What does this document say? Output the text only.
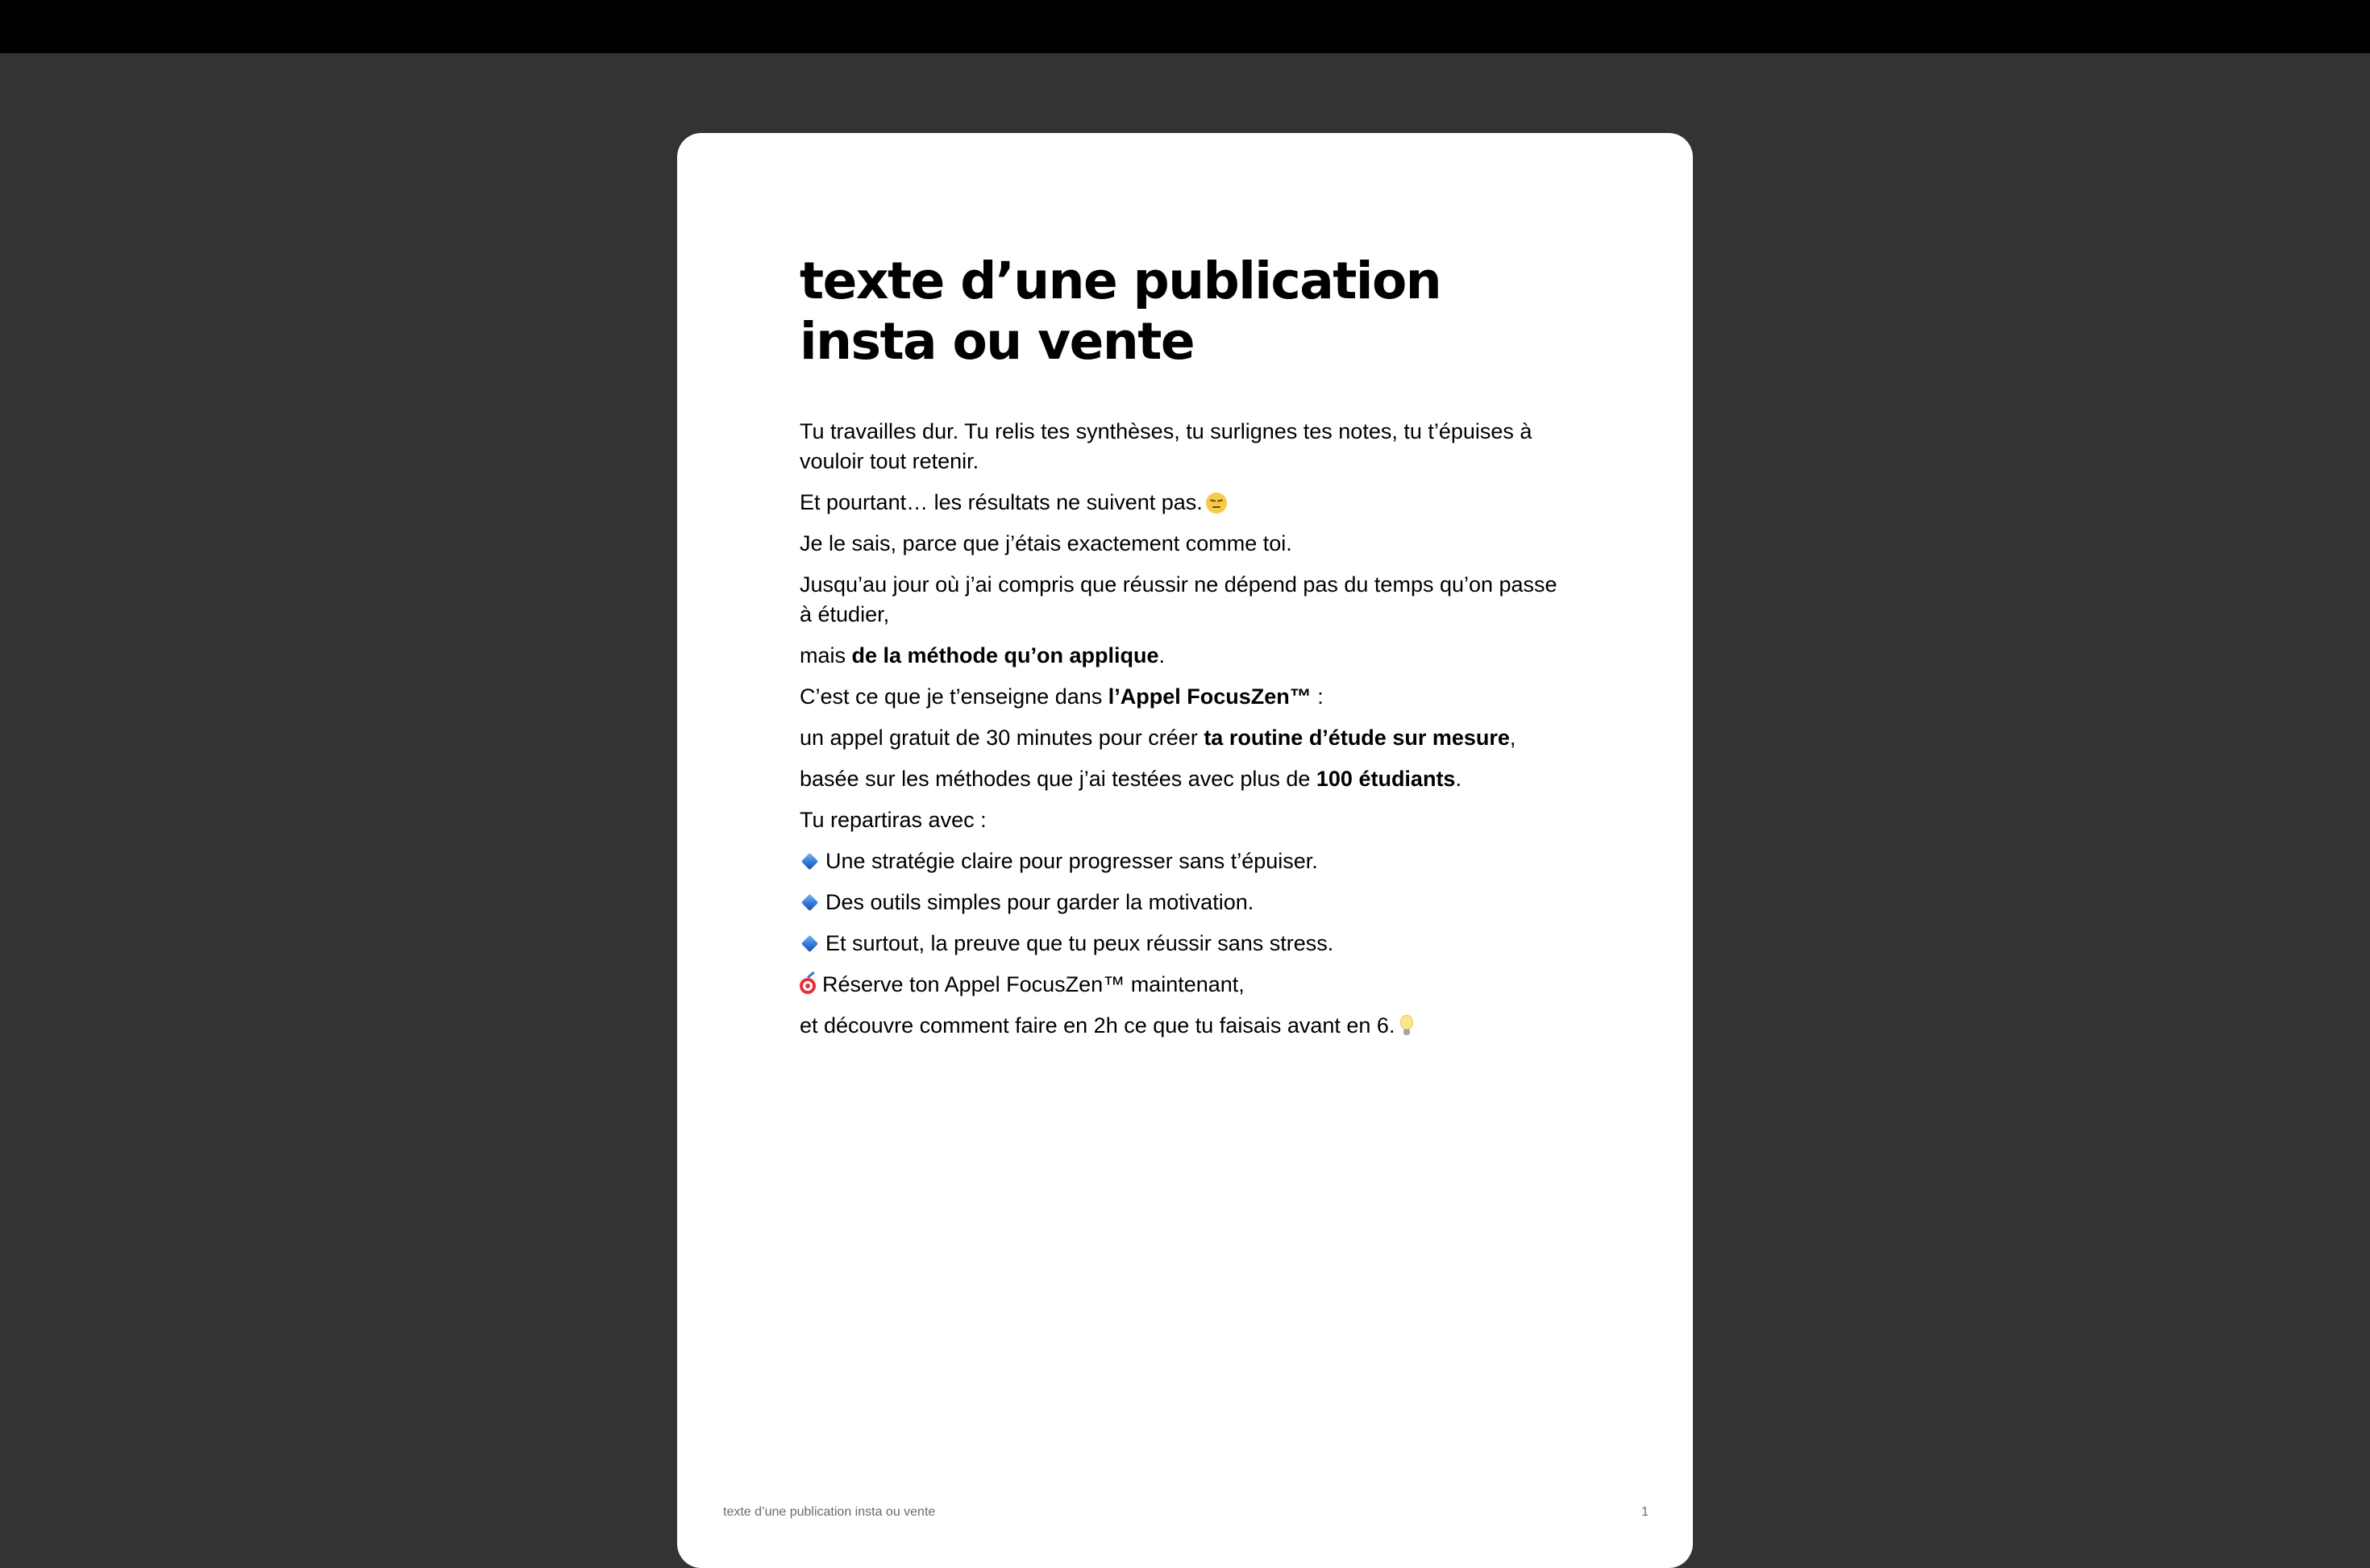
texte d’une publication insta ou vente

Tu travailles dur. Tu relis tes synthèses, tu surlignes tes notes, tu t’épuises à vouloir tout retenir.

Et pourtant… les résultats ne suivent pas.

Je le sais, parce que j’étais exactement comme toi.

Jusqu’au jour où j’ai compris que réussir ne dépend pas du temps qu’on passe à étudier,

mais de la méthode qu’on applique.

C’est ce que je t’enseigne dans l’Appel FocusZen™ :

un appel gratuit de 30 minutes pour créer ta routine d’étude sur mesure,

basée sur les méthodes que j’ai testées avec plus de 100 étudiants.

Tu repartiras avec :

Une stratégie claire pour progresser sans t’épuiser.

Des outils simples pour garder la motivation.

Et surtout, la preuve que tu peux réussir sans stress.

Réserve ton Appel FocusZen™ maintenant,

et découvre comment faire en 2h ce que tu faisais avant en 6.

texte d’une publication insta ou vente	1
